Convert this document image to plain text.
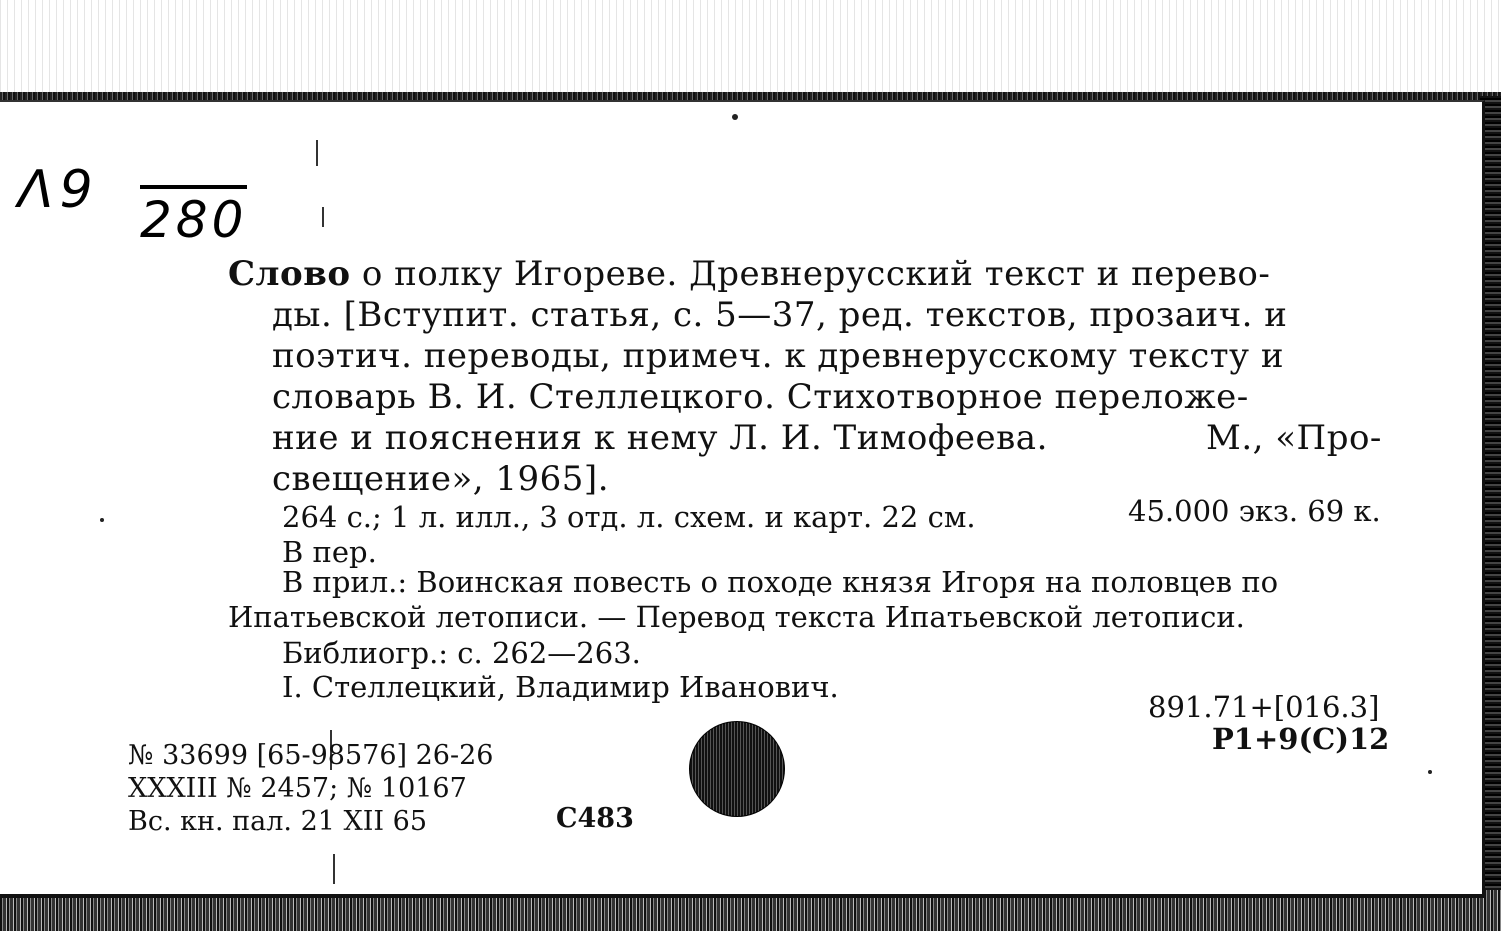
Λ9 280
Слово о полку Игореве. Древнерусский текст и перево-
ды. [Вступит. статья, с. 5—37, ред. текстов, прозаич. и
поэтич. переводы, примеч. к древнерусскому тексту и
словарь В. И. Стеллецкого. Стихотворное переложе-
ние и пояснения к нему Л. И. Тимофеева.	М., «Про-
свещение», 1965].
264 с.; 1 л. илл., 3 отд. л. схем. и карт. 22 см.	45.000 экз. 69 к.
В пер.
В прил.: Воинская повесть о походе князя Игоря на половцев по
Ипатьевской летописи. — Перевод текста Ипатьевской летописи.
Библиогр.: с. 262—263.
I. Стеллецкий, Владимир Иванович.
891.71+[016.3]
P1+9(C)12
№ 33699 [65-98576] 26-26
XXXIII № 2457; № 10167
Вс. кн. пал. 21 XII 65	C483
